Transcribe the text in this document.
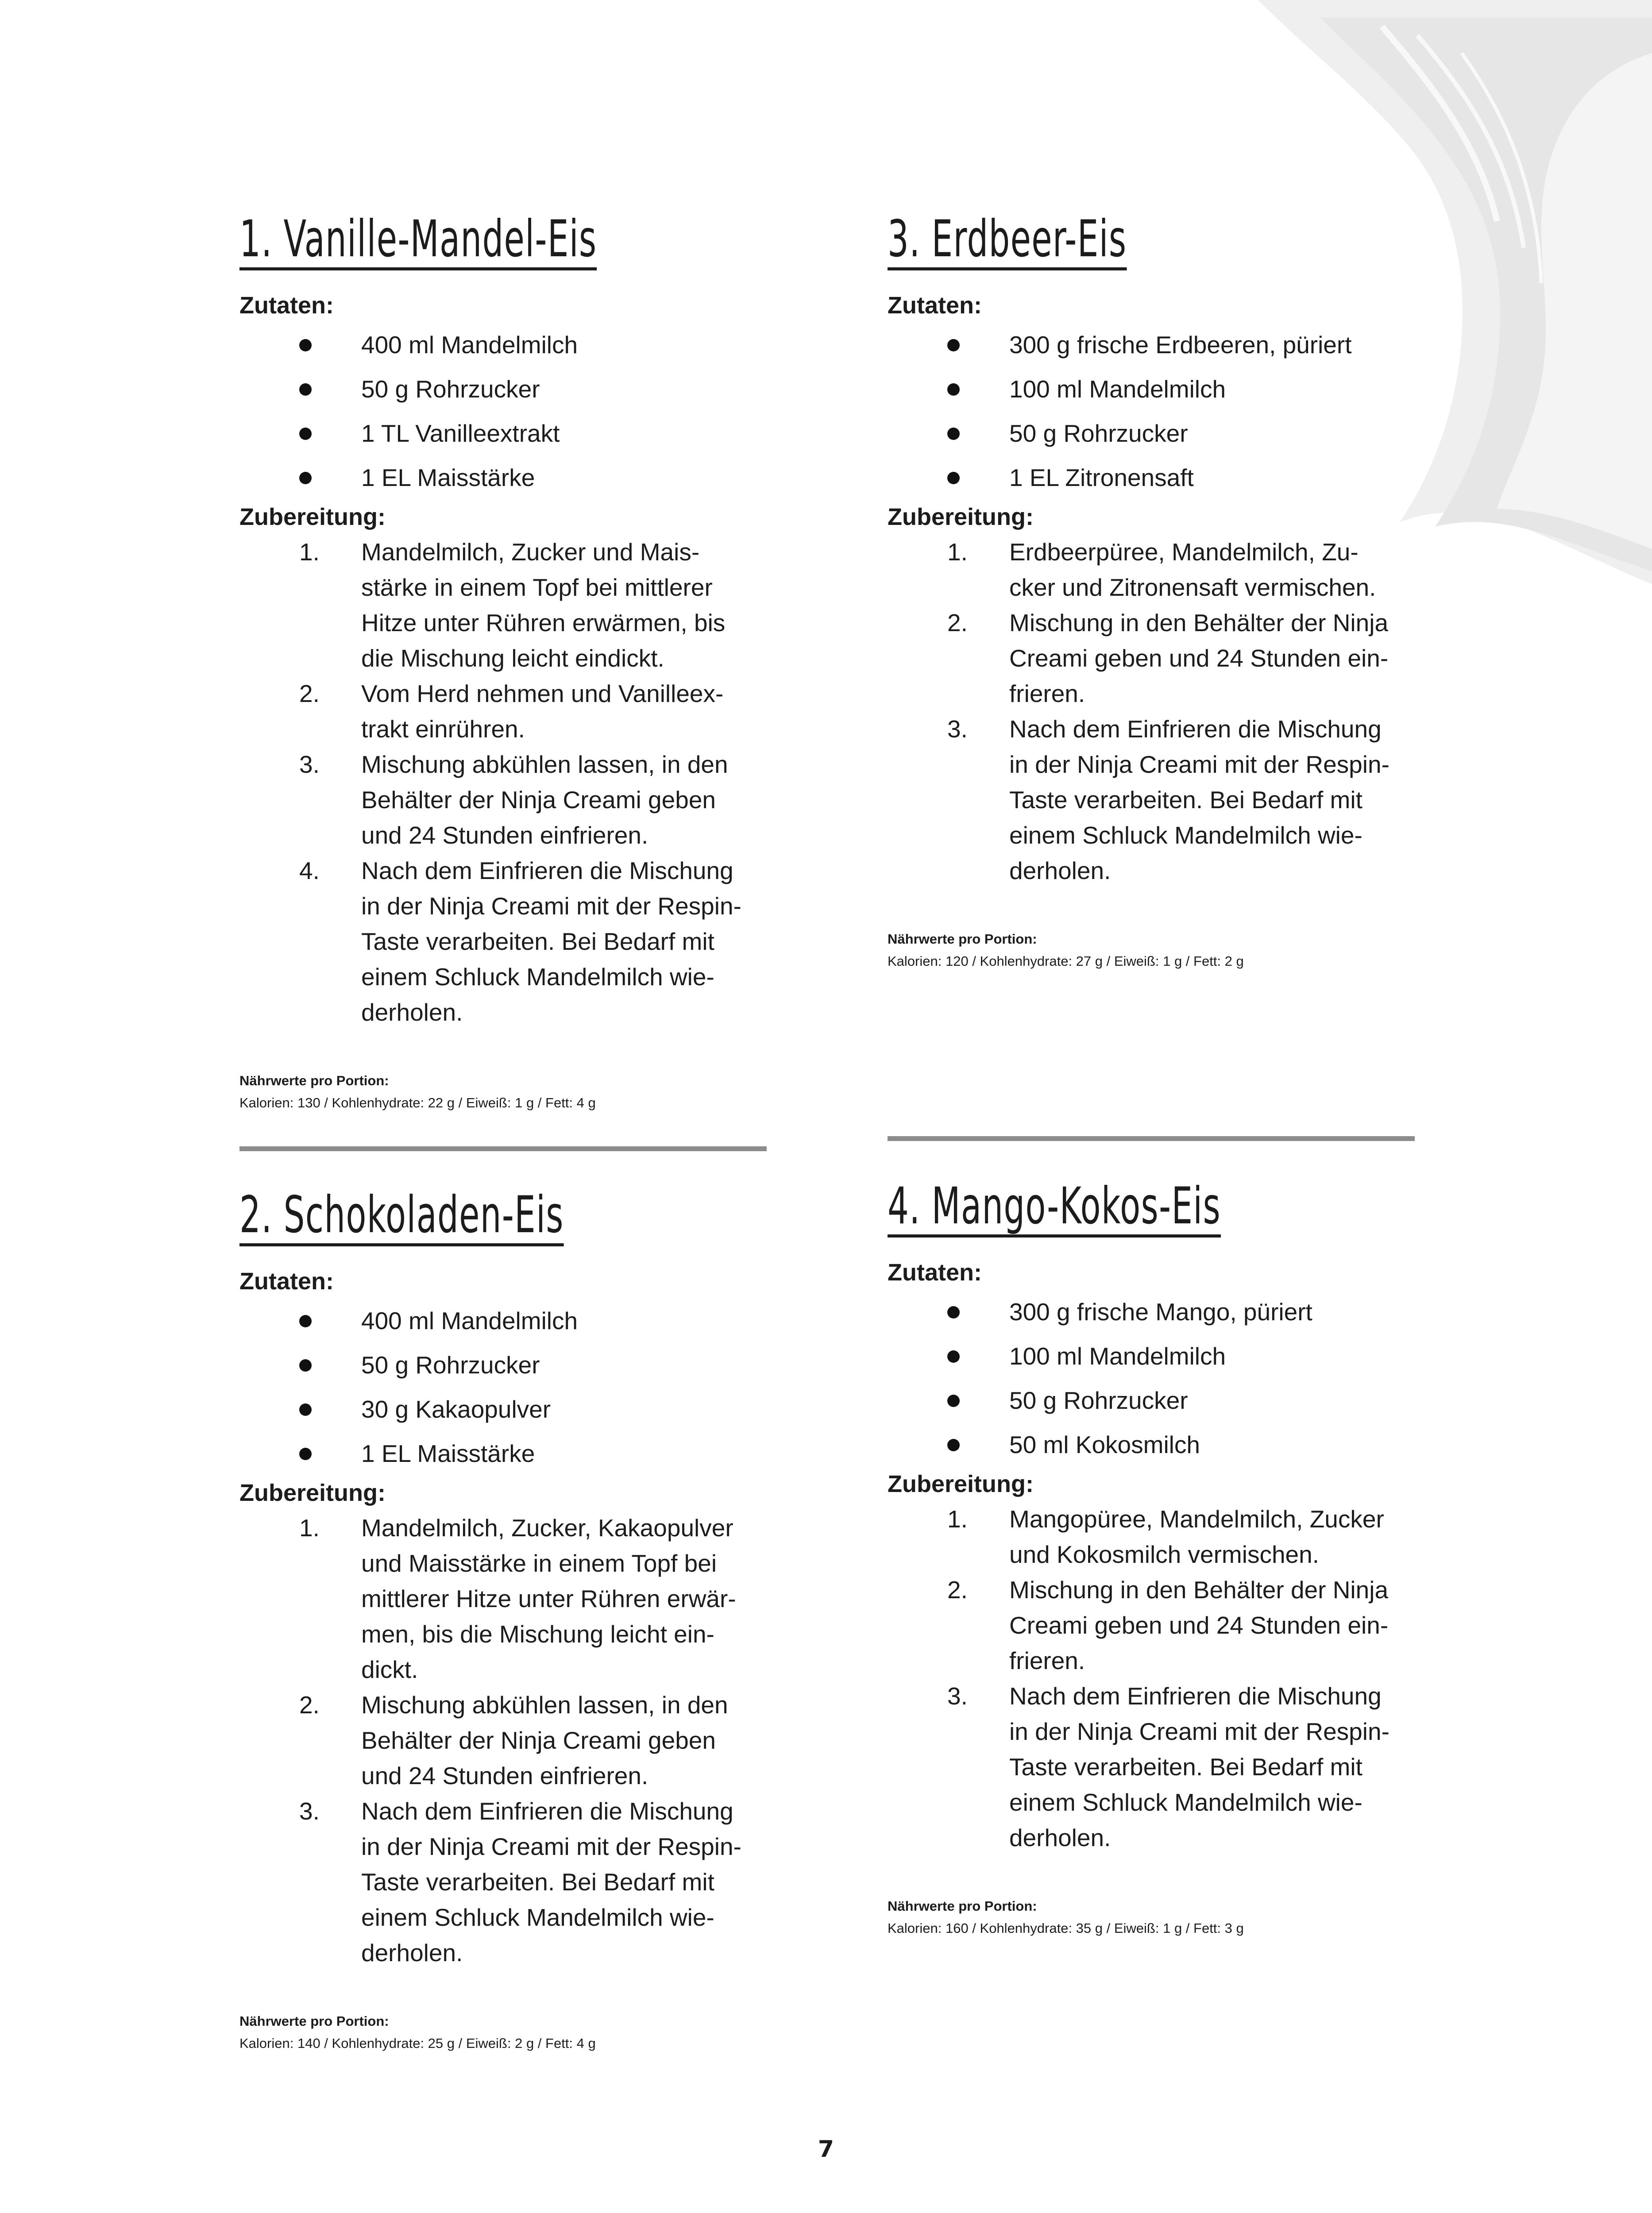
1. Vanille-Mandel-Eis

Zutaten:

400 ml Mandelmilch
50 g Rohrzucker
1 TL Vanilleextrakt
1 EL Maisstärke

Zubereitung:

1. Mandelmilch, Zucker und Mais-
stärke in einem Topf bei mittlerer
Hitze unter Rühren erwärmen, bis
die Mischung leicht eindickt.
2. Vom Herd nehmen und Vanilleex-
trakt einrühren.
3. Mischung abkühlen lassen, in den
Behälter der Ninja Creami geben
und 24 Stunden einfrieren.
4. Nach dem Einfrieren die Mischung
in der Ninja Creami mit der Respin-
Taste verarbeiten. Bei Bedarf mit
einem Schluck Mandelmilch wie-
derholen.
Nährwerte pro Portion:
Kalorien: 130 / Kohlenhydrate: 22 g / Eiweiß: 1 g / Fett: 4 g
2. Schokoladen-Eis

Zutaten:

400 ml Mandelmilch
50 g Rohrzucker
30 g Kakaopulver
1 EL Maisstärke

Zubereitung:

1. Mandelmilch, Zucker, Kakaopulver
und Maisstärke in einem Topf bei
mittlerer Hitze unter Rühren erwär-
men, bis die Mischung leicht ein-
dickt.
2. Mischung abkühlen lassen, in den
Behälter der Ninja Creami geben
und 24 Stunden einfrieren.
3. Nach dem Einfrieren die Mischung
in der Ninja Creami mit der Respin-
Taste verarbeiten. Bei Bedarf mit
einem Schluck Mandelmilch wie-
derholen.
Nährwerte pro Portion:
Kalorien: 140 / Kohlenhydrate: 25 g / Eiweiß: 2 g / Fett: 4 g
3. Erdbeer-Eis

Zutaten:

300 g frische Erdbeeren, püriert
100 ml Mandelmilch
50 g Rohrzucker
1 EL Zitronensaft

Zubereitung:

1. Erdbeerpüree, Mandelmilch, Zu-
cker und Zitronensaft vermischen.
2. Mischung in den Behälter der Ninja
Creami geben und 24 Stunden ein-
frieren.
3. Nach dem Einfrieren die Mischung
in der Ninja Creami mit der Respin-
Taste verarbeiten. Bei Bedarf mit
einem Schluck Mandelmilch wie-
derholen.
Nährwerte pro Portion:
Kalorien: 120 / Kohlenhydrate: 27 g / Eiweiß: 1 g / Fett: 2 g
4. Mango-Kokos-Eis

Zutaten:

300 g frische Mango, püriert
100 ml Mandelmilch
50 g Rohrzucker
50 ml Kokosmilch

Zubereitung:

1. Mangopüree, Mandelmilch, Zucker
und Kokosmilch vermischen.
2. Mischung in den Behälter der Ninja
Creami geben und 24 Stunden ein-
frieren.
3. Nach dem Einfrieren die Mischung
in der Ninja Creami mit der Respin-
Taste verarbeiten. Bei Bedarf mit
einem Schluck Mandelmilch wie-
derholen.
Nährwerte pro Portion:
Kalorien: 160 / Kohlenhydrate: 35 g / Eiweiß: 1 g / Fett: 3 g
7
